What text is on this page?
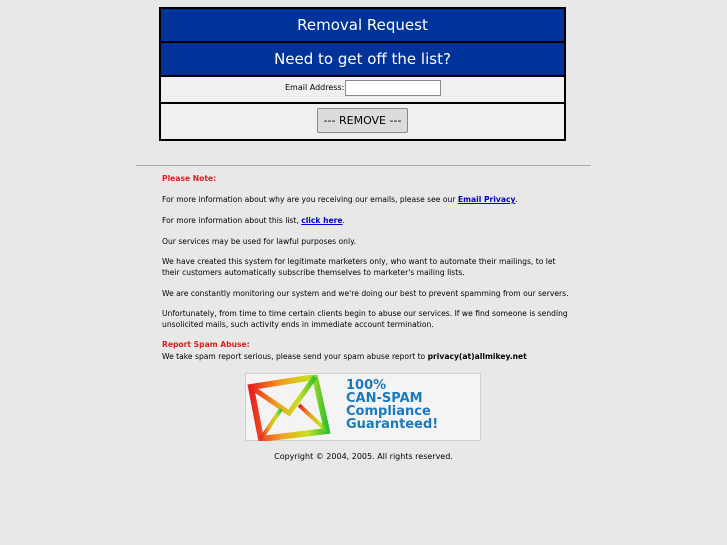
Removal Request
Need to get off the list?
Email Address:
--- REMOVE ---

Please Note:

For more information about why are you receiving our emails, please see our Email Privacy.

For more information about this list, click here.

Our services may be used for lawful purposes only.

We have created this system for legitimate marketers only, who want to automate their mailings, to let their customers automatically subscribe themselves to marketer's mailing lists.

We are constantly monitoring our system and we're doing our best to prevent spamming from our servers.

Unfortunately, from time to time certain clients begin to abuse our services. If we find someone is sending unsolicited mails, such activity ends in immediate account termination.

Report Spam Abuse:

We take spam report serious, please send your spam abuse report to privacy(at)allmikey.net

100%
CAN-SPAM
Compliance
Guaranteed!
Copyright © 2004, 2005. All rights reserved.
